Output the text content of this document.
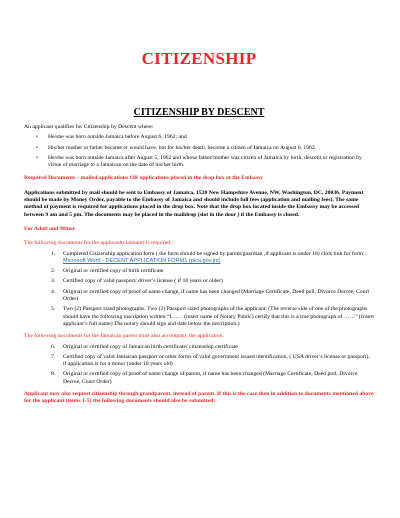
CITIZENSHIP
CITIZENSHIP BY DESCENT

An applicant qualifies for Citizenship by Descent where:

• He/she was born outside Jamaica before August 6, 1962; and
• His/her mother or father became or would have, but for his/her death, become a citizen of Jamaica on August 6, 1962.
• He/she was born outside Jamaica after August 5, 1962 and whose father/mother was citizen of Jamaica by birth, descent or registration by virtue of marriage to a Jamaican on the date of his/her birth.

Required Documents – mailed applications OR applications placed in the drop box at the Embassy

Applications submitted by mail should be sent to Embassy of Jamaica, 1520 New Hampshire Avenue, NW, Washington, DC, 20036. Payment should be made by Money Order, payable to the Embassy of Jamaica and should include full fees (application and mailing fees). The same method of payment is required for applications placed in the drop box. Note that the drop box located inside the Embassy may be accessed between 9 am and 5 pm. The documents may be placed in the maildrop (slot in the door ) if the Embassy is closed.

For Adult and Minor

The following documents for the applicant(claimant) is required:

1. Completed Citizenship application form ( the form should be signed by parent/guardian ,if applicant is under 18) click link for form: Microsoft Word - DECENT APPLICATION FORM1 (pica.gov.jm)
2. Original or certified copy of birth certificate
3. Certified copy of valid passport/ driver’s license ( if 18 years or older)
4. Original or certified copy of proof of name change, if name has been changed (Marriage Certificate, Deed poll, Divorce Decree, Court Order)
5. Two (2) Passport sized photographs. Two (2) Passport sized photographs of the applicant. (The reverse side of one of the photographs should have the following inscription written “I…… (insert name of Notary Public) certify that this is a true photograph of ……” [Insert applicant’s full name] The notary should sign and date below the inscription.)

The following documents for the Jamaican parent must also accompany the application:

6. Original or certified copy of Jamaican birth certificate/ citizenship certificate
7. Certified copy of valid Jamaican passport or other forms of valid government issued identification, ( USA driver’s license or passport), if application is for a minor (under 18 years old)
8. Original or certified copy of proof of name change of parent, if name has been changed (Marriage Certificate, Deed poll, Divorce Decree, Court Order)

Applicant may also request citizenship through grandparent, instead of parent. If this is the case then in addition to documents mentioned above for the applicant (items 1-5) the following documents should also be submitted:
